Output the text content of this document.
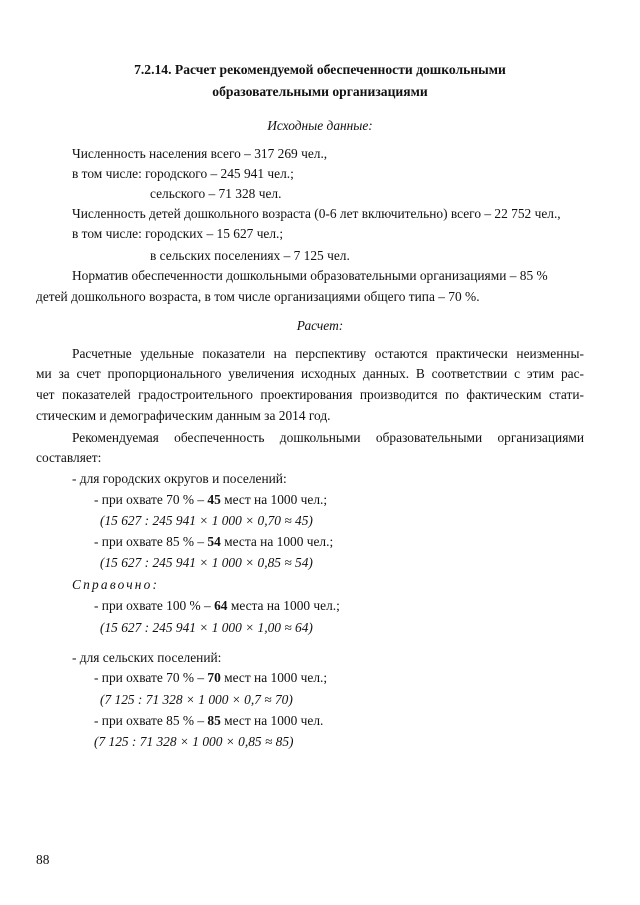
7.2.14. Расчет рекомендуемой обеспеченности дошкольными
образовательными организациями
Исходные данные:
Численность населения всего – 317 269 чел.,
в том числе: городского – 245 941 чел.;
сельского – 71 328 чел.
Численность детей дошкольного возраста (0-6 лет включительно) всего – 22 752 чел.,
в том числе: городских – 15 627 чел.;
в сельских поселениях – 7 125 чел.
Норматив обеспеченности дошкольными образовательными организациями – 85 %
детей дошкольного возраста, в том числе организациями общего типа – 70 %.
Расчет:
Расчетные удельные показатели на перспективу остаются практически неизменны-
ми за счет пропорционального увеличения исходных данных. В соответствии с этим рас-
чет показателей градостроительного проектирования производится по фактическим стати-
стическим и демографическим данным за 2014 год.
Рекомендуемая обеспеченность дошкольными образовательными организациями
составляет:
- для городских округов и поселений:
- при охвате 70 % – 45 мест на 1000 чел.;
(15 627 : 245 941 × 1 000 × 0,70 ≈ 45)
- при охвате 85 % – 54 места на 1000 чел.;
(15 627 : 245 941 × 1 000 × 0,85 ≈ 54)
Справочно:
- при охвате 100 % – 64 места на 1000 чел.;
(15 627 : 245 941 × 1 000 × 1,00 ≈ 64)
- для сельских поселений:
- при охвате 70 % – 70 мест на 1000 чел.;
(7 125 : 71 328 × 1 000 × 0,7 ≈ 70)
- при охвате 85 % – 85 мест на 1000 чел.
(7 125 : 71 328 × 1 000 × 0,85 ≈ 85)
88
